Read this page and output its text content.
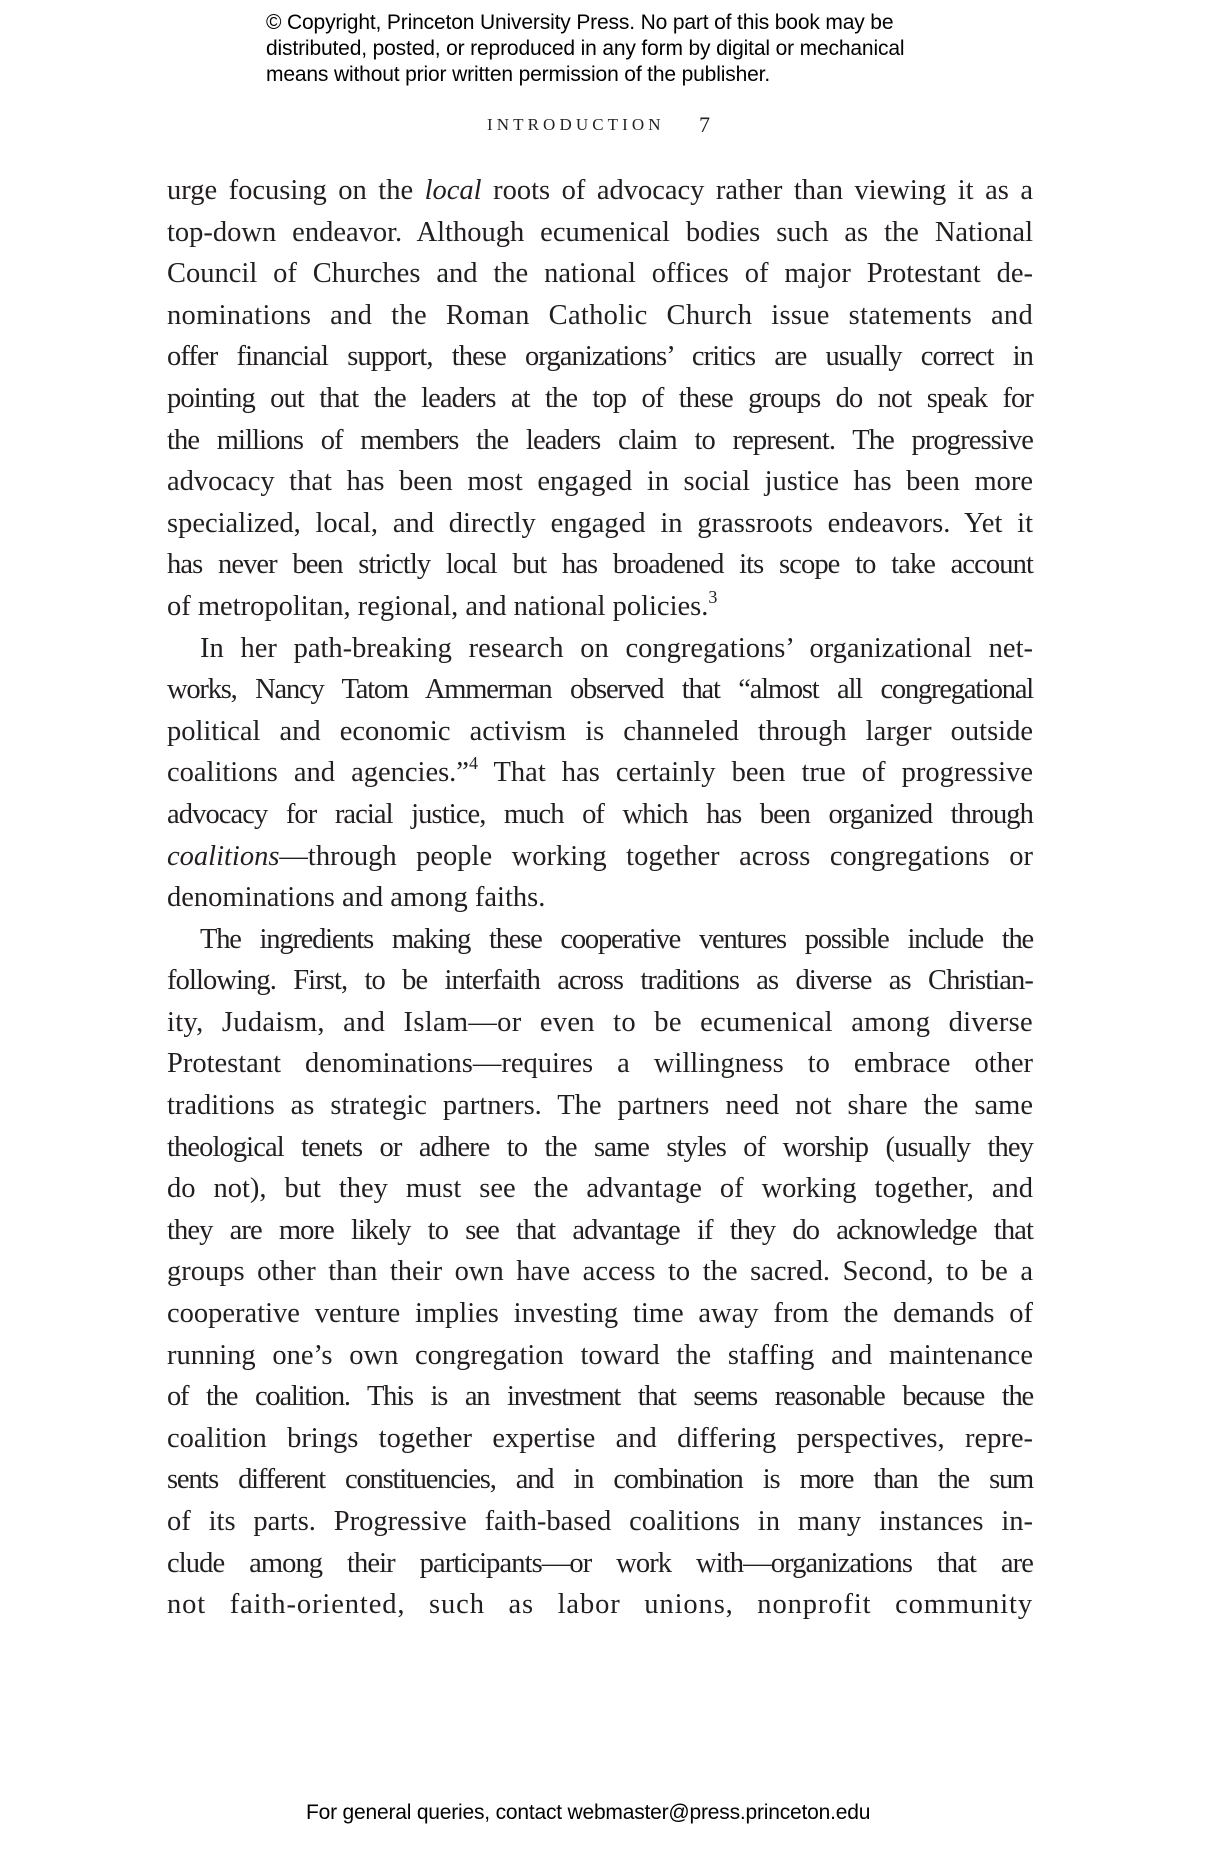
© Copyright, Princeton University Press. No part of this book may be
distributed, posted, or reproduced in any form by digital or mechanical
means without prior written permission of the publisher.
INTRODUCTION 7
urge focusing on the local roots of advocacy rather than viewing it as a
top-down endeavor. Although ecumenical bodies such as the National
Council of Churches and the national offices of major Protestant de-
nominations and the Roman Catholic Church issue statements and
offer financial support, these organizations’ critics are usually correct in
pointing out that the leaders at the top of these groups do not speak for
the millions of members the leaders claim to represent. The progressive
advocacy that has been most engaged in social justice has been more
specialized, local, and directly engaged in grassroots endeavors. Yet it
has never been strictly local but has broadened its scope to take account
of metropolitan, regional, and national policies.$^3$
In her path-breaking research on congregations’ organizational net-
works, Nancy Tatom Ammerman observed that “almost all congregational
political and economic activism is channeled through larger outside
coalitions and agencies.”$^4$ That has certainly been true of progressive
advocacy for racial justice, much of which has been organized through
coalitions—through people working together across congregations or
denominations and among faiths.
The ingredients making these cooperative ventures possible include the
following. First, to be interfaith across traditions as diverse as Christian-
ity, Judaism, and Islam—or even to be ecumenical among diverse
Protestant denominations—requires a willingness to embrace other
traditions as strategic partners. The partners need not share the same
theological tenets or adhere to the same styles of worship (usually they
do not), but they must see the advantage of working together, and
they are more likely to see that advantage if they do acknowledge that
groups other than their own have access to the sacred. Second, to be a
cooperative venture implies investing time away from the demands of
running one’s own congregation toward the staffing and maintenance
of the coalition. This is an investment that seems reasonable because the
coalition brings together expertise and differing perspectives, repre-
sents different constituencies, and in combination is more than the sum
of its parts. Progressive faith-based coalitions in many instances in-
clude among their participants—or work with—organizations that are
not faith-oriented, such as labor unions, nonprofit community
For general queries, contact webmaster@press.princeton.edu
